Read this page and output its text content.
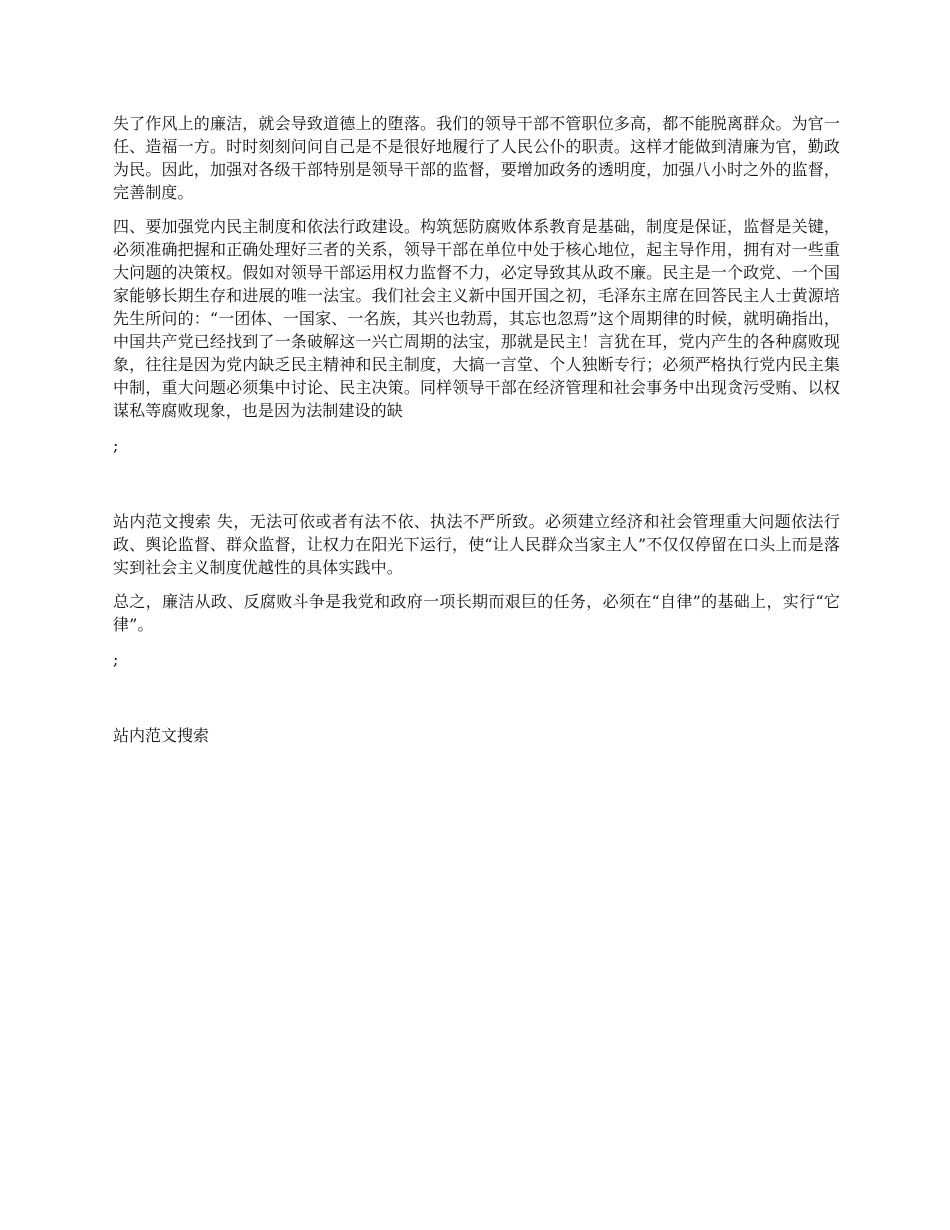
失了作风上的廉洁，就会导致道德上的堕落。我们的领导干部不管职位多高，都不能脱离群众。为官一任、造福一方。时时刻刻问问自己是不是很好地履行了人民公仆的职责。这样才能做到清廉为官，勤政为民。因此，加强对各级干部特别是领导干部的监督，要增加政务的透明度，加强八小时之外的监督，完善制度。

四、要加强党内民主制度和依法行政建设。构筑惩防腐败体系教育是基础，制度是保证，监督是关键，必须准确把握和正确处理好三者的关系，领导干部在单位中处于核心地位，起主导作用，拥有对一些重大问题的决策权。假如对领导干部运用权力监督不力，必定导致其从政不廉。民主是一个政党、一个国家能够长期生存和进展的唯一法宝。我们社会主义新中国开国之初，毛泽东主席在回答民主人士黄源培先生所问的：“一团体、一国家、一名族，其兴也勃焉，其忘也忽焉”这个周期律的时候，就明确指出，中国共产党已经找到了一条破解这一兴亡周期的法宝，那就是民主！言犹在耳，党内产生的各种腐败现象，往往是因为党内缺乏民主精神和民主制度，大搞一言堂、个人独断专行；必须严格执行党内民主集中制，重大问题必须集中讨论、民主决策。同样领导干部在经济管理和社会事务中出现贪污受贿、以权谋私等腐败现象，也是因为法制建设的缺

;

站内范文搜索 失，无法可依或者有法不依、执法不严所致。必须建立经济和社会管理重大问题依法行政、舆论监督、群众监督，让权力在阳光下运行，使“让人民群众当家主人”不仅仅停留在口头上而是落实到社会主义制度优越性的具体实践中。

总之，廉洁从政、反腐败斗争是我党和政府一项长期而艰巨的任务，必须在“自律”的基础上，实行“它律”。

;

站内范文搜索
